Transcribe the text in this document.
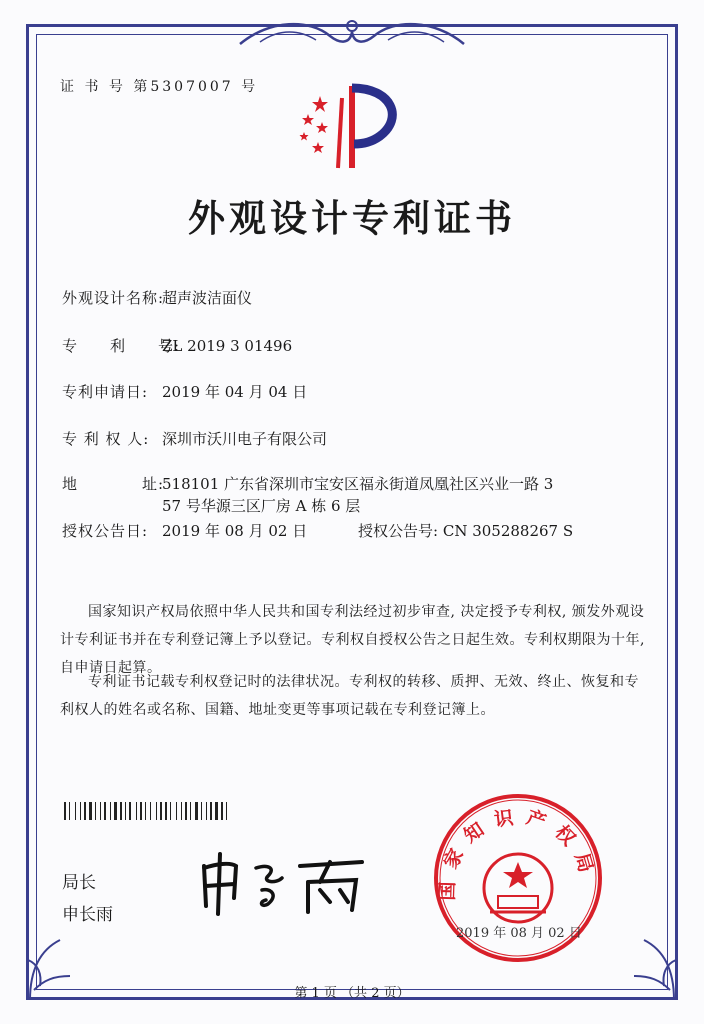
证 书 号 第5307007 号
外观设计专利证书
外观设计名称:超声波洁面仪
专　　利　　号:ZL 2019 3 01496
专利申请日: 2019 年 04 月 04 日
专 利 权 人: 深圳市沃川电子有限公司
地　　　　址:
518101 广东省深圳市宝安区福永街道凤凰社区兴业一路 3 57 号华源三区厂房 A 栋 6 层
授权公告日: 2019 年 08 月 02 日	授权公告号: CN 305288267 S
国家知识产权局依照中华人民共和国专利法经过初步审查, 决定授予专利权, 颁发外观设计专利证书并在专利登记簿上予以登记。专利权自授权公告之日起生效。专利权期限为十年, 自申请日起算。
专利证书记载专利权登记时的法律状况。专利权的转移、质押、无效、终止、恢复和专利权人的姓名或名称、国籍、地址变更等事项记载在专利登记簿上。
局长
申长雨
国家知识产权局
2019 年 08 月 02 日
第 1 页 （共 2 页）
